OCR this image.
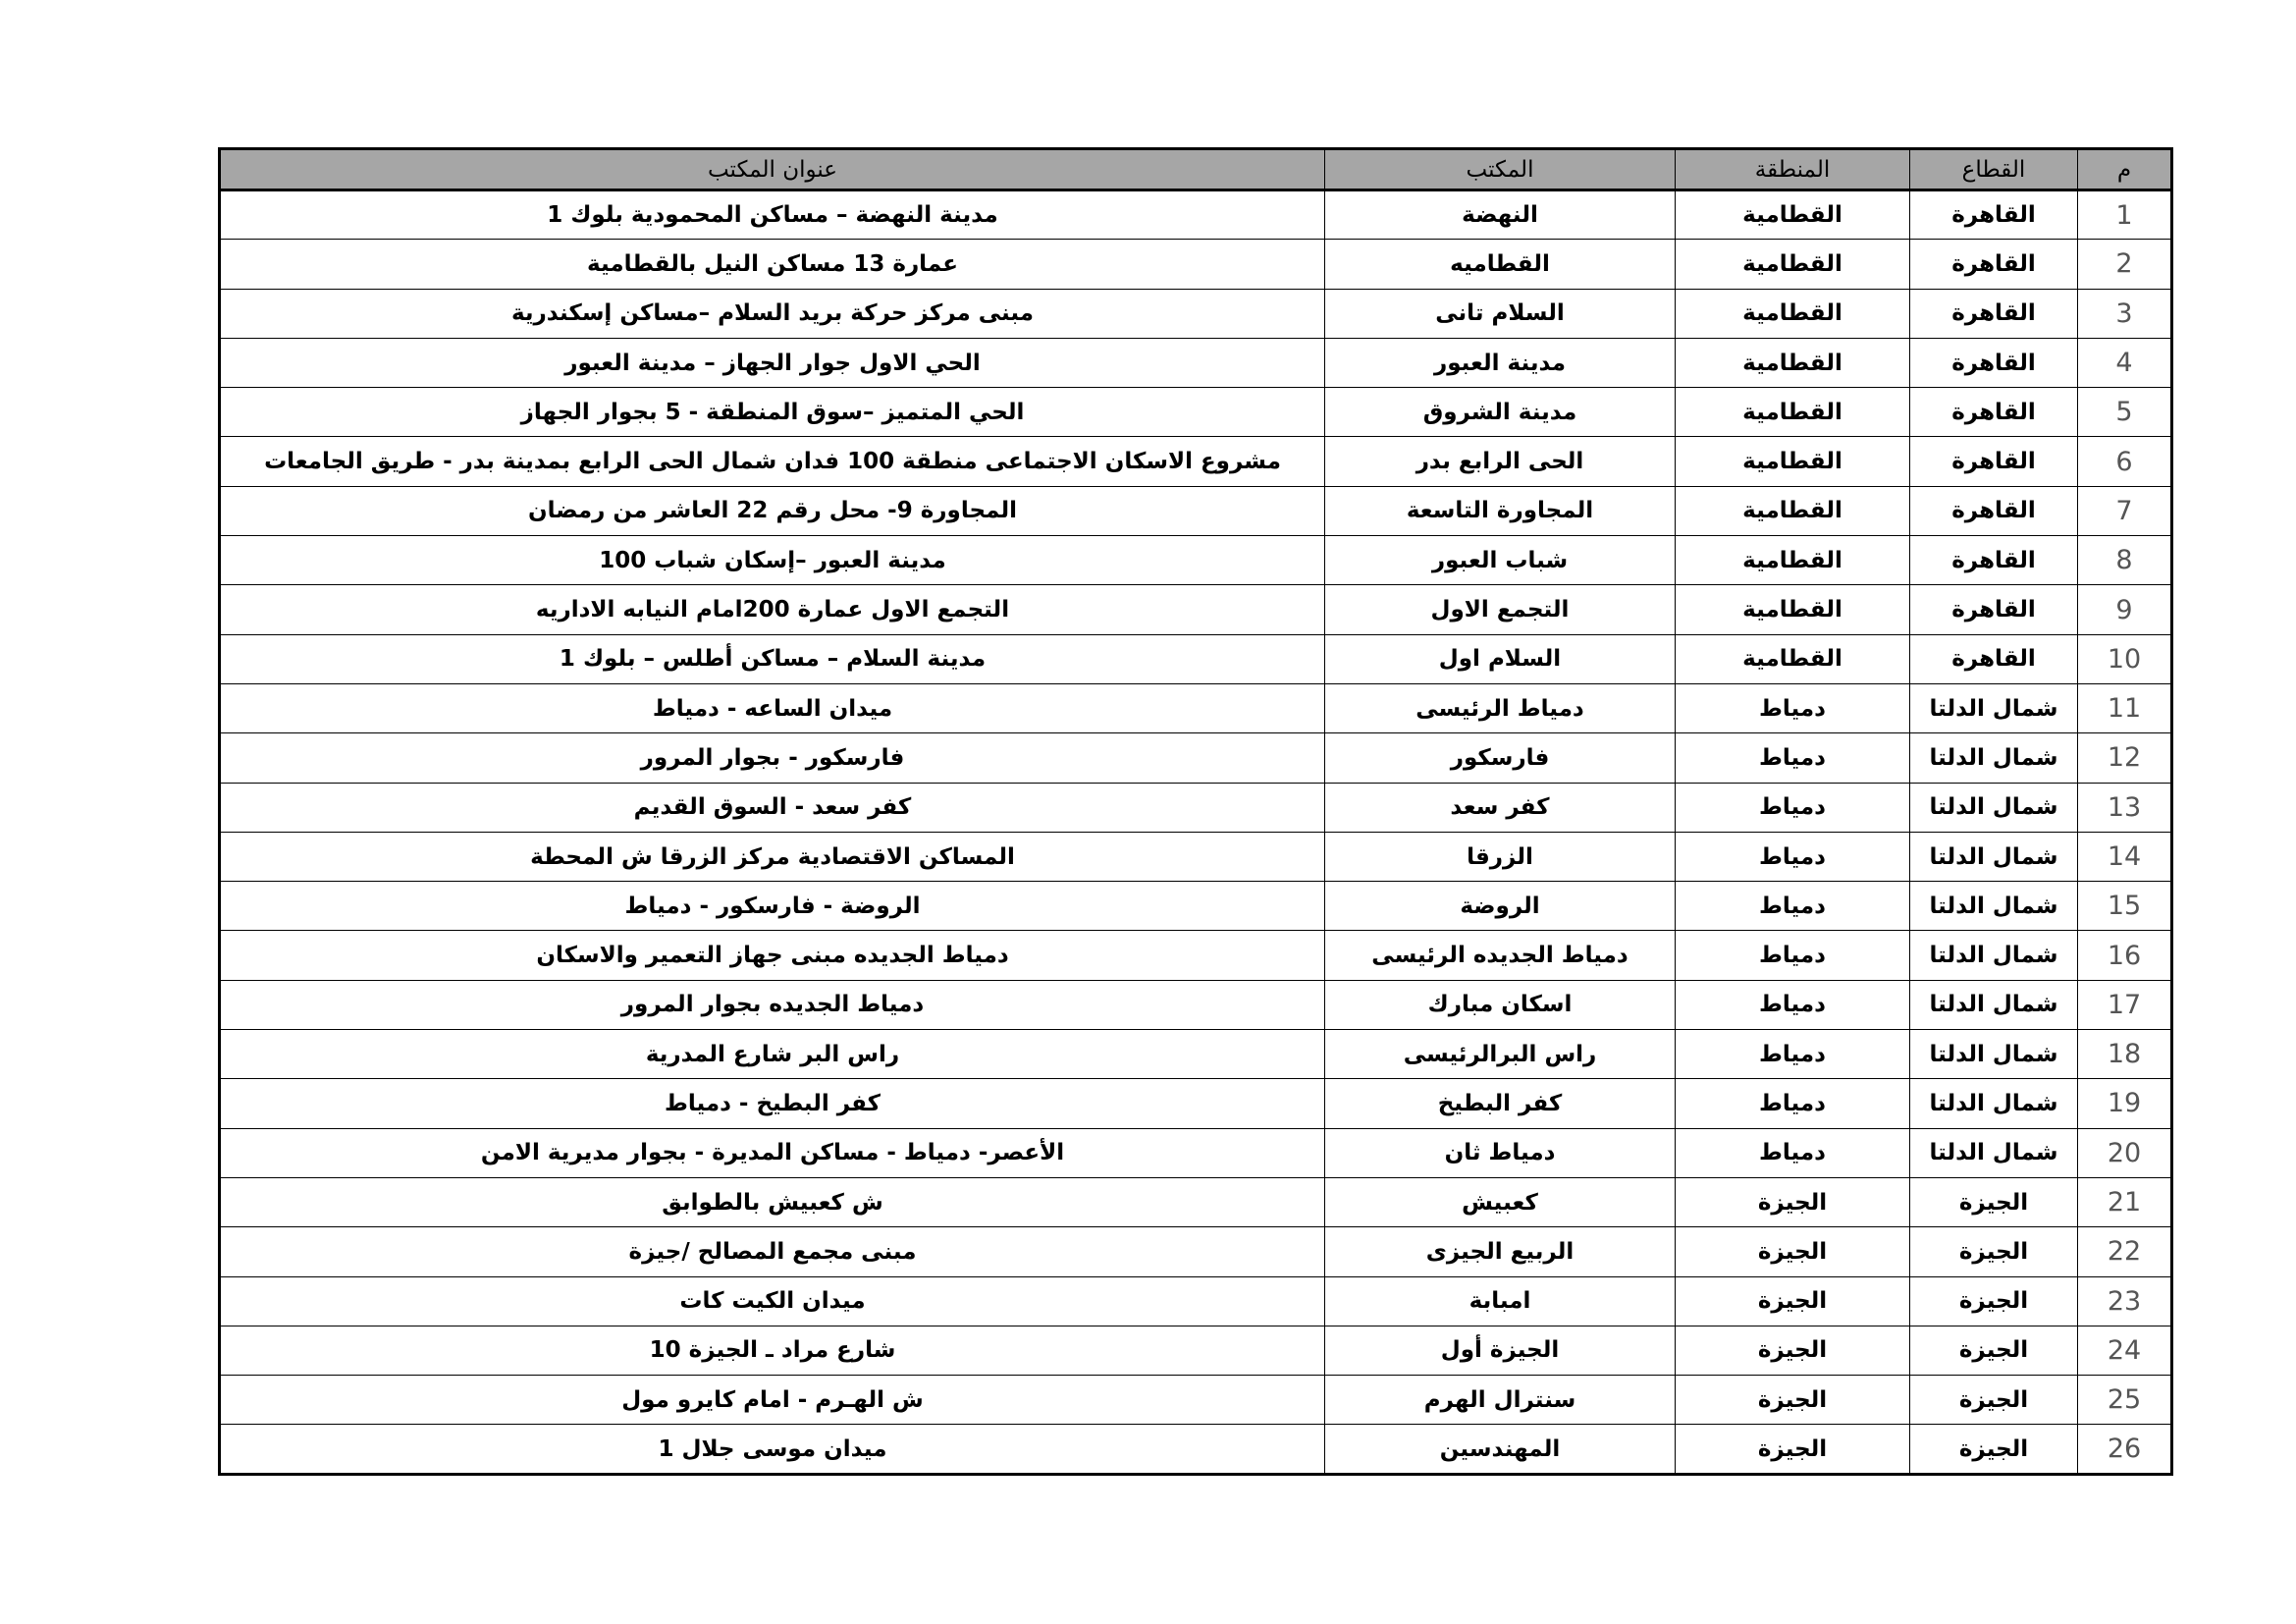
م	القطاع	المنطقة	المكتب	عنوان المكتب
1	القاهرة	القطامية	النهضة	مدينة النهضة – مساكن المحمودية بلوك 1
2	القاهرة	القطامية	القطاميه	عمارة 13 مساكن النيل بالقطامية
3	القاهرة	القطامية	السلام تانى	مبنى مركز حركة بريد السلام –مساكن إسكندرية
4	القاهرة	القطامية	مدينة العبور	الحي الاول جوار الجهاز – مدينة العبور
5	القاهرة	القطامية	مدينة الشروق	الحي المتميز –سوق المنطقة - 5 بجوار الجهاز
6	القاهرة	القطامية	الحى الرابع بدر	مشروع الاسكان الاجتماعى منطقة 100 فدان شمال الحى الرابع بمدينة بدر - طريق الجامعات
7	القاهرة	القطامية	المجاورة التاسعة	المجاورة 9- محل رقم 22 العاشر من رمضان
8	القاهرة	القطامية	شباب العبور	مدينة العبور –إسكان شباب 100
9	القاهرة	القطامية	التجمع الاول	التجمع الاول عمارة 200امام النيابه الاداريه
10	القاهرة	القطامية	السلام اول	مدينة السلام – مساكن أطلس – بلوك 1
11	شمال الدلتا	دمياط	دمياط الرئيسى	ميدان الساعه - دمياط
12	شمال الدلتا	دمياط	فارسكور	فارسكور - بجوار المرور
13	شمال الدلتا	دمياط	كفر سعد	كفر سعد - السوق القديم
14	شمال الدلتا	دمياط	الزرقا	المساكن الاقتصادية مركز الزرقا ش المحطة
15	شمال الدلتا	دمياط	الروضة	الروضة - فارسكور - دمياط
16	شمال الدلتا	دمياط	دمياط الجديده الرئيسى	دمياط الجديده مبنى جهاز التعمير والاسكان
17	شمال الدلتا	دمياط	اسكان مبارك	دمياط الجديده بجوار المرور
18	شمال الدلتا	دمياط	راس البرالرئيسى	راس البر شارع المدرية
19	شمال الدلتا	دمياط	كفر البطيخ	كفر البطيخ - دمياط
20	شمال الدلتا	دمياط	دمياط ثان	الأعصر- دمياط - مساكن المديرة - بجوار مديرية الامن
21	الجيزة	الجيزة	كعبيش	ش كعبيش بالطوابق
22	الجيزة	الجيزة	الربيع الجيزى	مبنى مجمع المصالح /جيزة
23	الجيزة	الجيزة	امبابة	ميدان الكيت كات
24	الجيزة	الجيزة	الجيزة أول	شارع مراد ـ الجيزة 10
25	الجيزة	الجيزة	سنترال الهرم	ش الهـرم - امام كايرو مول
26	الجيزة	الجيزة	المهندسين	ميدان موسى جلال 1
